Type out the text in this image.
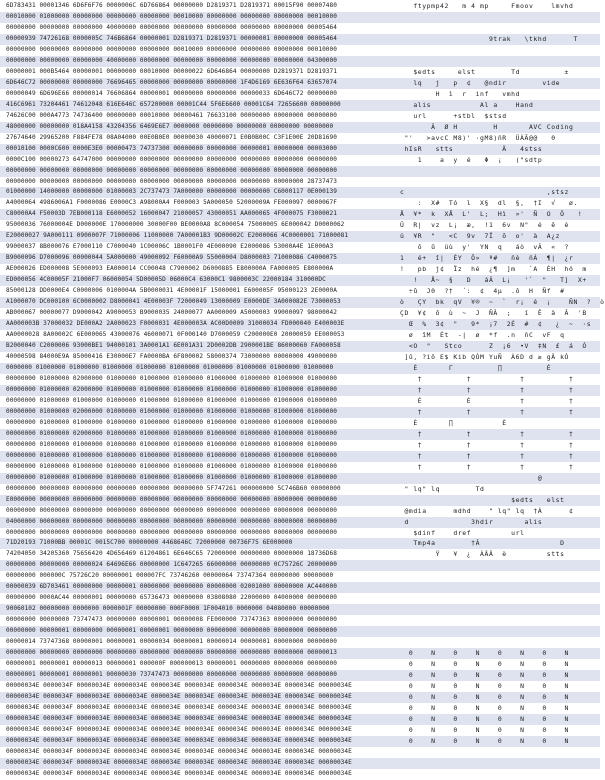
6D783431 00001346 6D6F6F76 0000006C 6D766864 00000000 D2819371 D2819371 00015F90 00007480
00010000 01000000 00000000 00000000 00000000 00010000 00000000 00000000 00000000 00010000
00000000 00000000 00000000 40000000 00000000 00000000 00000000 00000000 00000000 00005464
00000939 74726168 0000005C 746B6864 00000001 D2819371 D2819371 00000001 00000000 00005464
00000000 00000000 00000000 00000000 00000000 00010000 00000000 00000000 00000000 00010000
00000000 00000000 00000000 40000000 00000000 00000000 00000000 00000000 00000000 04300000
00000001 000B5464 00000001 00000000 00010000 00000022 6D646864 00000000 D2819371 D2819371
6D646C72 00000000 00000000 76696465 00000000 00000000 00000000 1F4D6169 6E636F64 63657074
00000049 6D696E66 00000014 76606864 00000001 00000000 00000000 00000033 6D646C72 00000000
416C6961 73204461 74612048 616E646C 657200000 00001C44 5F6E6600 00001C64 72656600 00000000
74626C00 000A4773 74736400 00000000 00010000 00000461 76633100 00000000 00000000 00000000
48000000 00000000 018A4158 43204356 6469E6E7 0000000 00000000 00000000 00000000 00000000
27674640 29965200 F884FE78 08A04000 00E0B0E0 00000030 40000071 E0B0B00C C3F1E00E 20D81690
00010100 0000C600 0000E3E0 00000473 74737300 00000000 00000000 00000001 00000000 00003000
0000C100 00000273 64747000 00000000 00000000 00000000 00000000 00000000 00000000 00000000
00000000 00000000 00000000 00000000 00000000 00000000 00000000 00000000 00000000 00000000
00000000 00000000 00000000 00000000 00000000 00000000 00000000 00000000 00000000 28737473
01000000 14000000 00000000 01000003 2C737473 7A000000 00000000 00000000 C6000117 0E000139
A4000064 4986006A1 F0000086 E0000C3 A98000A4 F000003 5A000050 52000009A FE000097 0000067F
C80000A4 F50003D 7EB000118 E6000052 16000047 21000057 43000051 AA000065 4F000075 F3000021
95000036 76000004E D000000E 170000000 30000F00 BE0000A8 8C000054 75000005 6E000042 D0000062
E20000027 9A000111 0900007F 71000006 11000000 7A00001B3 9D00002C E2000066 4C0000001 71000081
99000037 8B000076 E7000110 C7000040 1C00006C 1B0001F0 4E000090 E2000086 53000A4E 1E000A3
B9000096 D7000096 00000044 5A000000 49000092 F60000A9 55000004 D8000003 71000086 C4000075
AE000026 ED000008 5E000093 EA000014 CC00048 C7900002 D6000885 E800000A FA000005 E800000A
ED000056 4C00005F 21000F7 06000054 5D00005D 06000C4 63000C1 9800003C 22000184 310000DC
85000128 DD0000E4 C0000006 0100004A 5B0000031 4E00001F 15000001 E600005F 95000123 2E0000A
A1000070 DC000100 6C0000002 D8000041 4E00003F 72000049 13000009 E0000DE 3A000082E 73000053
AB000067 00000077 D9000042 A9000053 B9000035 24000077 AA000009 A5000003 99000097 98000042
AA000003B 37000032 DE000A2 2A000023 F0000031 4E000003A AC00D0009 31000034 FD000040 E400003E
AA0000028 8A00002C 6E000065 43000076 46000071 0F000140 D7000059 C200000E0 20000059 EE000053
B2000040 C2000006 93000BE1 94000101 3A0001A1 6E001A31 2D0002DB 2900001BE 86000060 FA000058
40000598 84000E9A 85000416 E30000E7 FA0000BA 6F800002 58000374 73000000 00000000 49000000
0000000 01000000 01000000 01000000 01000000 01000000 01000000 01000000 01000000 01000000
00000000 01000000 02000000 01000000 01000000 01000000 01000000 01000000 01000000 01000000
00000000 01000000 02000000 01000000 01000000 01000000 01000000 01000000 01000000 01000000
00000000 01000000 01000000 01000000 01000000 01000000 01000000 01000000 01000000 01000000
00000000 01000000 02000000 01000000 01000000 01000000 01000000 01000000 01000000 01000000
00000000 01000000 01000000 01000000 01000000 01000000 01000000 01000000 01000000 01000000
00000000 01000000 02000000 01000000 01000000 01000000 01000000 01000000 01000000 01000000
00000000 01000000 01000000 01000000 01000000 01000000 01000000 01000000 01000000 01000000
00000000 01000000 01000000 01000000 01000000 01000000 01000000 01000000 01000000 01000000
00000000 01000000 01000000 01000000 01000000 01000000 01000000 01000000 01000000 01000000
00000000 01000000 01000000 01000000 01000000 01000000 01000000 01000000 01000000 01000000
00000000 00000000 00000000 00000000 00000000 00000000 5F747261 000000000 5C746B60 00000000
E0000000 00000000 00000000 00000000 00000000 00000000 00000000 00000000 00000000 00000000
00000000 00000000 00000000 00000000 00000000 00000000 00000000 00000000 00000000 00000000
04000000 00000000 00000000 00000000 00000000 00000000 00000000 00000000 00000000 00000000
00000000 00000000 00000000 00000000 00000000 00000000 00000000 00000000 00000000 00000000
71D20193 71000BB 00001C 0015C700 00000000 4468646C 72000000 00736F75 6E000000
74204050 34205360 75656420 4D656469 61204861 6E646C65 72000000 00000000 00000000 18736D68
00000000 00000000 00000024 64696E66 00000000 1C647265 66000000 00000000 0C75726C 20000000
00000000 000000C 75726C20 00000001 000007FC 73746260 00000064 73747364 00000000 00000000
00000039 6D703461 00000000 00000001 00000000 00000000 00000000 02001000 00000000 AC440000
00000000 0000AC44 00000001 00000000 65736473 00000000 03808080 22000000 04000000 00000000
90060102 00000000 0000000 0000001F 00000000 000F0000 1F004010 0000000 04080000 00000000
00000000 00000000 73747473 00000000 00000001 00000008 FE000000 73747363 00000000 00000000
00000000 00000001 00000000 00000001 00000001 00000000 00000000 00000000 00000000 00000000
00000014 73747368 00000001 00000001 00000034 00000001 00000014 00000001 00000000 00000000
00000000 00000000 00000000 00000000 00000000 00000000 00000000 00000000 00000000 00000013
00000001 00000001 00000013 00000001 000000F 000000013 00000001 00000000 00000000 00000000
00000001 00000001 00000001 00000030 73747473 00000000 00000000 00000000 00000000 00000000
00000034E 0000034F 00000034E 00000034E 0000034E 0000034E 0000034E 0000034E 0000034E 00000034E
00000034E 0000034F 00000034E 00000034E 0000034E 0000034E 0000034E 0000034E 0000034E 00000034E
00000034E 0000034F 00000034E 00000034E 0000034E 0000034E 0000034E 0000034E 0000034E 00000034E
00000034E 0000034F 00000034E 00000034E 0000034E 0000034E 0000034E 0000034E 0000034E 00000034E
00000034E 0000034F 00000034E 00000034E 0000034E 0000034E 0000034E 0000034E 0000034E 00000034E
00000034E 0000034F 00000034E 00000034E 0000034E 0000034E 0000034E 0000034E 0000034E 00000034E
00000034E 0000034F 00000034E 00000034E 0000034E 0000034E 0000034E 0000034E 0000034E 00000034E
00000034E 0000034F 00000034E 00000034E 0000034E 0000034E 0000034E 0000034E 0000034E 00000034E
00000034E 0000034F 00000034E 00000034E 0000034E 0000034E 0000034E 0000034E 0000034E 00000034E
ftypmp42   m 4 mp     Fmoov    lmvhd
9trak   \tkhd      T
$edts     elst        Td          ±
lq   j   p  ¢   @ndir        vide
H  ì  r  inf   vmhd
alis           Al a    Hand
url      +stbl  $stsd
Â  Ø H        H       AVC Coding
"'   >avcC M8)' ·gM8)ñR  ÜÀÃ@@   0
hIsR   stts           Ä   4stss
1    a  y  é   Φ  ¡   ("sdtp
c                                ,stsz
:  X#  Tó  l  X§  dl  §,  †I  √   ø.
Å  ¥*  k  XÅ  L'  L;  Hì  »'  Ñ  O  Ö   !
Ü  R|  vz  L¡  æ,  !1  6v  N"  é  ê  è
ü  ¥R  "   <C  9v  7Ï  ô  o'  à  A¿z
ô  û  üù  y'  YN  q   áò  vÂ  «  ?
1   é+  î|  ÉY  Ö»  ª#   ñè  ñÁ  ¶|  ¿r
!   pb  j¢  Ïz  hé  ¿¶  ]m   `A  ÈH  hö  m
!   Å~  §   D   áÂ  L¡   '`  "   T]  X+
÷û  J0  ?†  ´:  ¢  4µ  .ô  H  Ñf  #
ò   ÇY  bk  qV  ¥®  ~  `  r¡  é  ¡    ÑN  ?  ò
ÇD  ¥¢  ô  ù  ~  J  ÑÂ  ;   í  Ê  ä  Â  'B
Œ  %  3¢  "   9*  ¡7  2É  #  ¢   ¿  ~  ·s
ø  îM  Ét  -|  ø  *f  .n  ñC  vF  q
<O  "   Stco      Z  ¡6  •V  ‡N  £  á  Ó
]û, ?iô E$ Kib QÒM YuÑ  À6D d ≥ gÄ kÓ
È       Γ          ∏          È
†          †           †          †
†          †           †          †
È          È           †          †
†          †           †          †
È       ∏           È
†          †           †          †
†          †           †          †
†          †           †          †
†          †           †          †
@
" lq" lq        Td
$edts   elst
@mdia      mdhd    " lq" lq  †Á      ¢
d              3hdir       alis
$dinf    dref         url
Tmp4a        †Â                  D
Ÿ   ¥  ¿  ÀÄÄ  è         stts
0    N    0    N    0    N    0    N
0    N    0    N    0    N    0    N
0    N    0    N    0    N    0    N
0    N    0    N    0    N    0    N
0    N    0    N    0    N    0    N
0    N    0    N    0    N    0    N
0    N    0    N    0    N    0    N
0    N    0    N    0    N    0    N
0    N    0    N    0    N    0    N
